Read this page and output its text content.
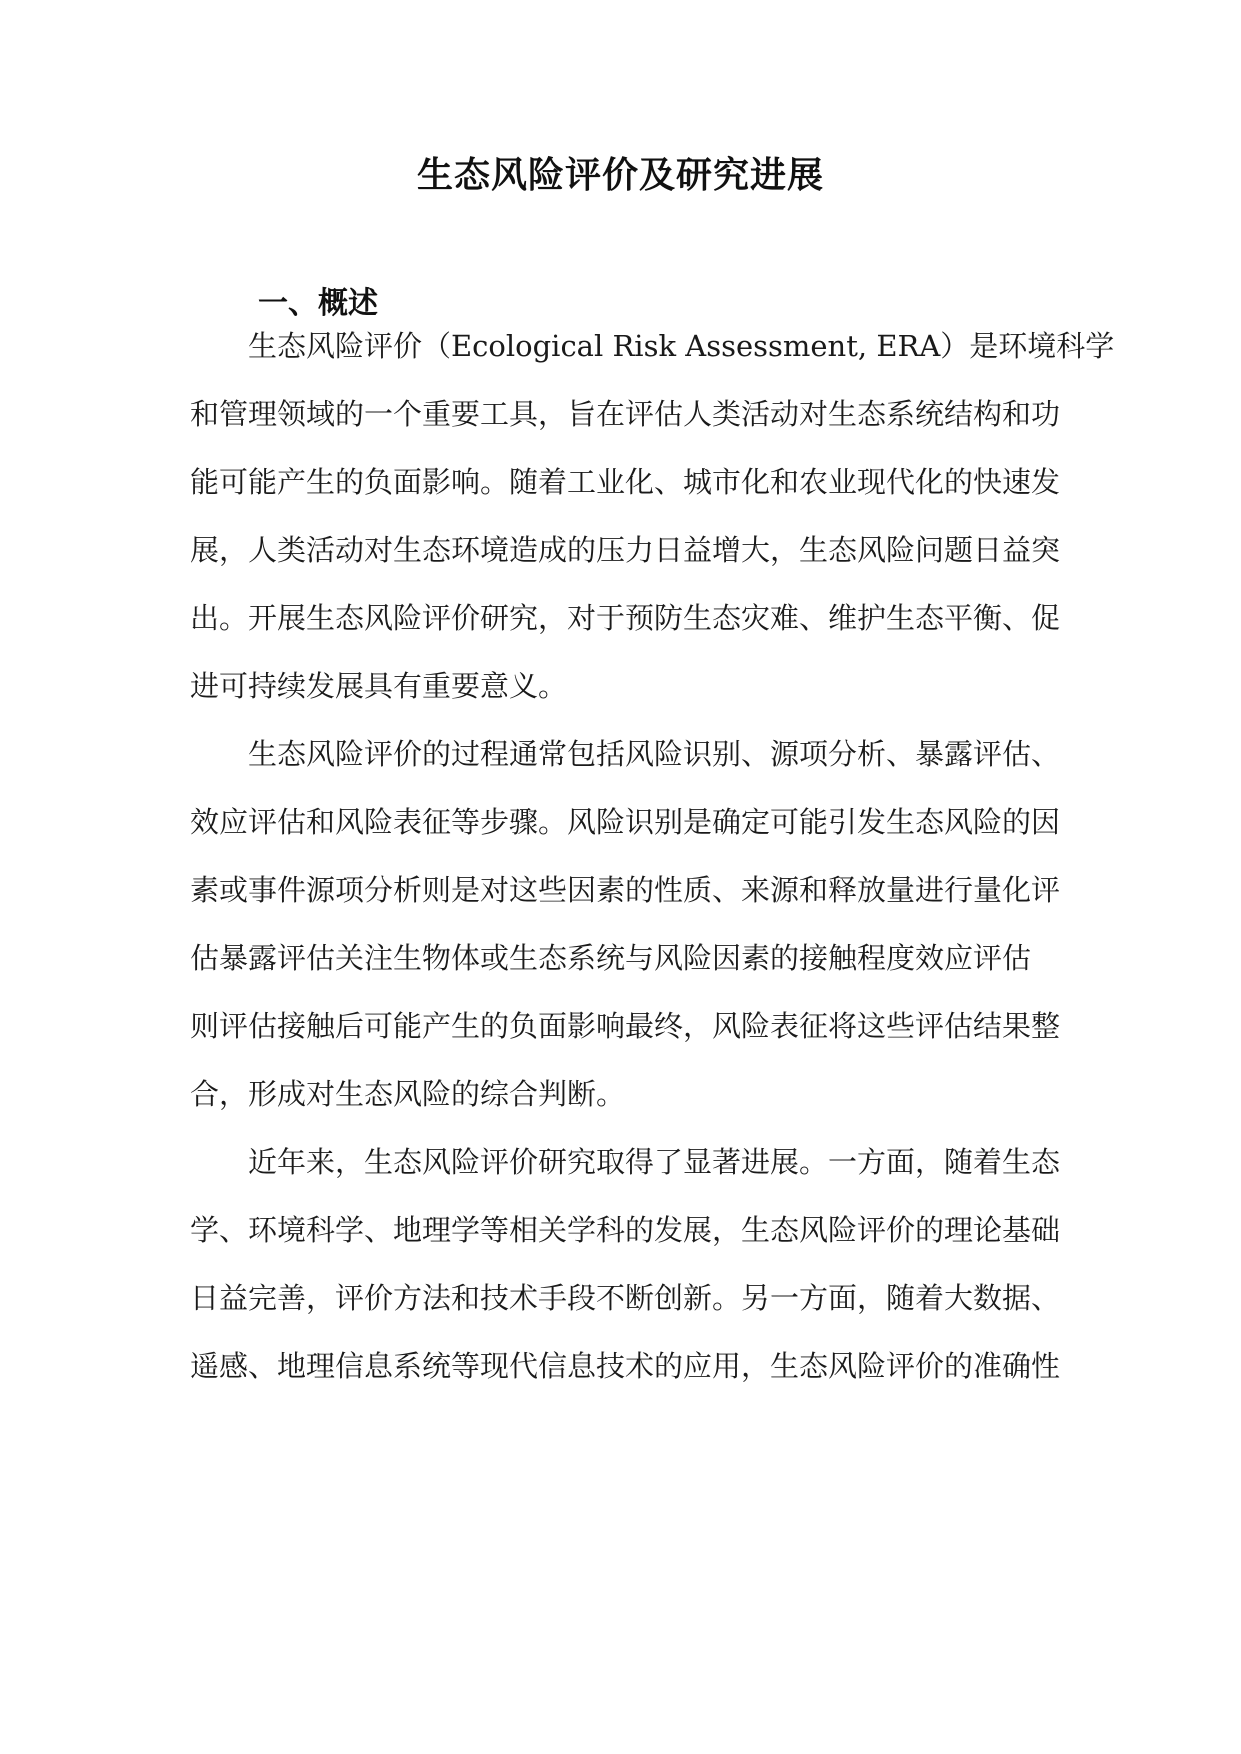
生态风险评价及研究进展
一、概述
生态风险评价（Ecological Risk Assessment, ERA）是环境科学
和管理领域的一个重要工具，旨在评估人类活动对生态系统结构和功
能可能产生的负面影响。随着工业化、城市化和农业现代化的快速发
展，人类活动对生态环境造成的压力日益增大，生态风险问题日益突
出。开展生态风险评价研究，对于预防生态灾难、维护生态平衡、促
进可持续发展具有重要意义。
生态风险评价的过程通常包括风险识别、源项分析、暴露评估、
效应评估和风险表征等步骤。风险识别是确定可能引发生态风险的因
素或事件源项分析则是对这些因素的性质、来源和释放量进行量化评
估暴露评估关注生物体或生态系统与风险因素的接触程度效应评估
则评估接触后可能产生的负面影响最终，风险表征将这些评估结果整
合，形成对生态风险的综合判断。
近年来，生态风险评价研究取得了显著进展。一方面，随着生态
学、环境科学、地理学等相关学科的发展，生态风险评价的理论基础
日益完善，评价方法和技术手段不断创新。另一方面，随着大数据、
遥感、地理信息系统等现代信息技术的应用，生态风险评价的准确性
